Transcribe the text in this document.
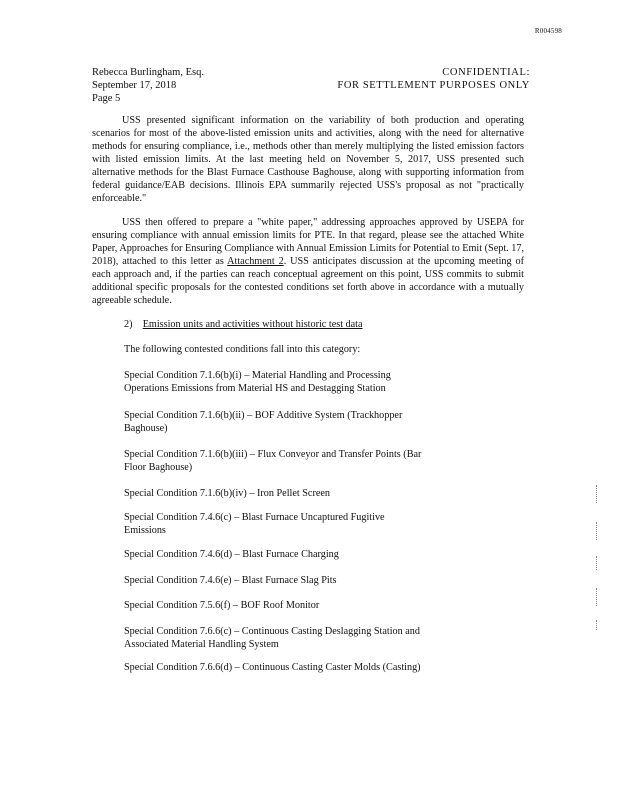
R004598
Rebecca Burlingham, Esq.
September 17, 2018
Page 5
CONFIDENTIAL:
FOR SETTLEMENT PURPOSES ONLY

USS presented significant information on the variability of both production and operating scenarios for most of the above-listed emission units and activities, along with the need for alternative methods for ensuring compliance, i.e., methods other than merely multiplying the listed emission factors with listed emission limits. At the last meeting held on November 5, 2017, USS presented such alternative methods for the Blast Furnace Casthouse Baghouse, along with supporting information from federal guidance/EAB decisions. Illinois EPA summarily rejected USS's proposal as not "practically enforceable."

USS then offered to prepare a "white paper," addressing approaches approved by USEPA for ensuring compliance with annual emission limits for PTE. In that regard, please see the attached White Paper, Approaches for Ensuring Compliance with Annual Emission Limits for Potential to Emit (Sept. 17, 2018), attached to this letter as Attachment 2. USS anticipates discussion at the upcoming meeting of each approach and, if the parties can reach conceptual agreement on this point, USS commits to submit additional specific proposals for the contested conditions set forth above in accordance with a mutually agreeable schedule.

2) Emission units and activities without historic test data
The following contested conditions fall into this category:

Special Condition 7.1.6(b)(i) – Material Handling and Processing Operations Emissions from Material HS and Destagging Station

Special Condition 7.1.6(b)(ii) – BOF Additive System (Trackhopper Baghouse)

Special Condition 7.1.6(b)(iii) – Flux Conveyor and Transfer Points (Bar Floor Baghouse)

Special Condition 7.1.6(b)(iv) – Iron Pellet Screen

Special Condition 7.4.6(c) – Blast Furnace Uncaptured Fugitive Emissions

Special Condition 7.4.6(d) – Blast Furnace Charging

Special Condition 7.4.6(e) – Blast Furnace Slag Pits

Special Condition 7.5.6(f) – BOF Roof Monitor

Special Condition 7.6.6(c) – Continuous Casting Deslagging Station and Associated Material Handling System

Special Condition 7.6.6(d) – Continuous Casting Caster Molds (Casting)
